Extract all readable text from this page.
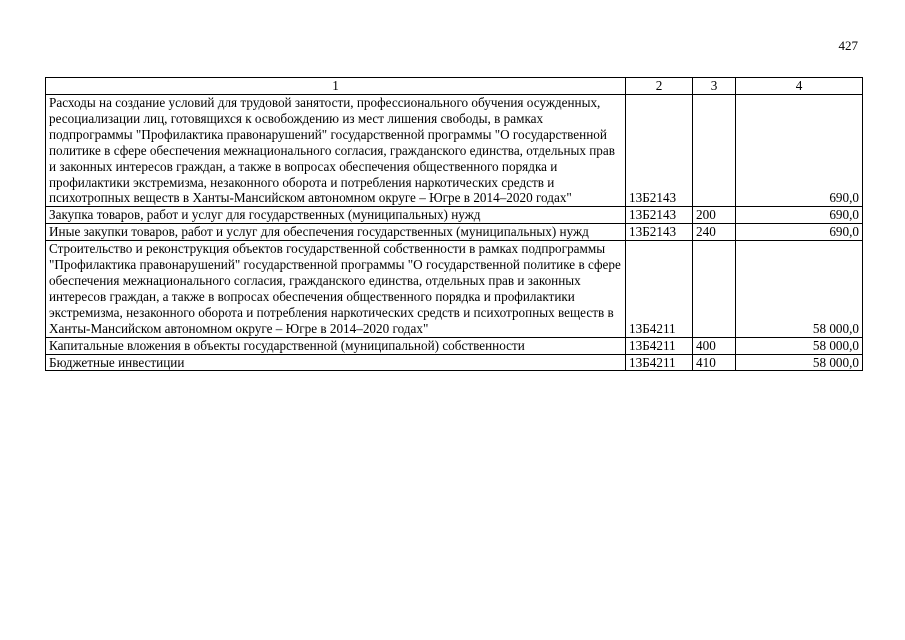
427
1	2	3	4
Расходы на создание условий для трудовой занятости, профессионального обучения осужденных, ресоциализации лиц, готовящихся к освобождению из мест лишения свободы, в рамках подпрограммы "Профилактика правонарушений" государственной программы "О государственной политике в сфере обеспечения межнационального согласия, гражданского единства, отдельных прав и законных интересов граждан, а также в вопросах обеспечения общественного порядка и профилактики экстремизма, незаконного оборота и потребления наркотических средств и психотропных веществ в Ханты-Мансийском автономном округе – Югре в 2014–2020 годах"	13Б2143		690,0
Закупка товаров, работ и услуг для государственных (муниципальных) нужд	13Б2143	200	690,0
Иные закупки товаров, работ и услуг для обеспечения государственных (муниципальных) нужд	13Б2143	240	690,0
Строительство и реконструкция объектов государственной собственности в рамках подпрограммы "Профилактика правонарушений" государственной программы "О государственной политике в сфере обеспечения межнационального согласия, гражданского единства, отдельных прав и законных интересов граждан, а также в вопросах обеспечения общественного порядка и профилактики экстремизма, незаконного оборота и потребления наркотических средств и психотропных веществ в Ханты-Мансийском автономном округе – Югре в 2014–2020 годах"	13Б4211		58 000,0
Капитальные вложения в объекты государственной (муниципальной) собственности	13Б4211	400	58 000,0
Бюджетные инвестиции	13Б4211	410	58 000,0
